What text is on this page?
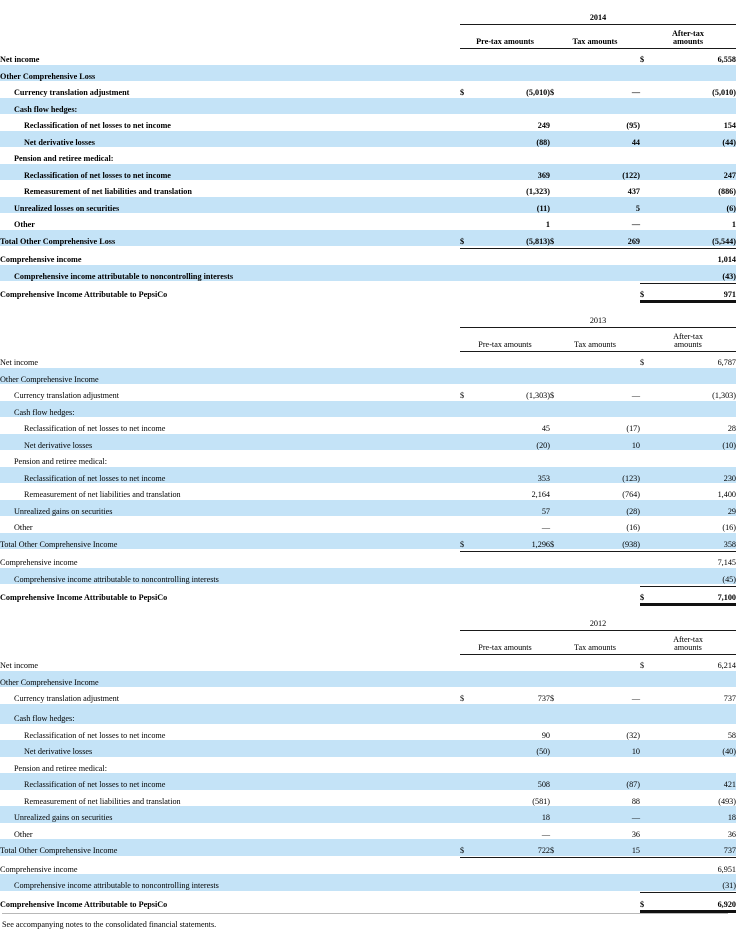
	2014					

	Pre-tax amounts		Tax amounts		After-tax
amounts	

Net income					$	6,558
Other Comprehensive Loss						
Currency translation adjustment	$	(5,010)	$	—		(5,010)
Cash flow hedges:						
Reclassification of net losses to net income		249		(95)		154
Net derivative losses		(88)		44		(44)
Pension and retiree medical:						
Reclassification of net losses to net income		369		(122)		247
Remeasurement of net liabilities and translation		(1,323)		437		(886)
Unrealized losses on securities		(11)		5		(6)
Other		1		—		1
Total Other Comprehensive Loss	$	(5,813)	$	269		(5,544)

Comprehensive income						1,014
Comprehensive income attributable to noncontrolling interests						(43)

Comprehensive Income Attributable to PepsiCo					$	971

	2013					

	Pre-tax amounts		Tax amounts		After-tax
amounts	

Net income					$	6,787
Other Comprehensive Income						
Currency translation adjustment	$	(1,303)	$	—		(1,303)
Cash flow hedges:						
Reclassification of net losses to net income		45		(17)		28
Net derivative losses		(20)		10		(10)
Pension and retiree medical:						
Reclassification of net losses to net income		353		(123)		230
Remeasurement of net liabilities and translation		2,164		(764)		1,400
Unrealized gains on securities		57		(28)		29
Other		—		(16)		(16)
Total Other Comprehensive Income	$	1,296	$	(938)		358

Comprehensive income						7,145
Comprehensive income attributable to noncontrolling interests						(45)

Comprehensive Income Attributable to PepsiCo					$	7,100

	2012					

	Pre-tax amounts		Tax amounts		After-tax
amounts	

Net income					$	6,214
Other Comprehensive Income						
Currency translation adjustment	$	737	$	—		737
Cash flow hedges:						
Reclassification of net losses to net income		90		(32)		58
Net derivative losses		(50)		10		(40)
Pension and retiree medical:						
Reclassification of net losses to net income		508		(87)		421
Remeasurement of net liabilities and translation		(581)		88		(493)
Unrealized gains on securities		18		—		18
Other		—		36		36
Total Other Comprehensive Income	$	722	$	15		737

Comprehensive income						6,951
Comprehensive income attributable to noncontrolling interests						(31)

Comprehensive Income Attributable to PepsiCo					$	6,920

See accompanying notes to the consolidated financial statements.
